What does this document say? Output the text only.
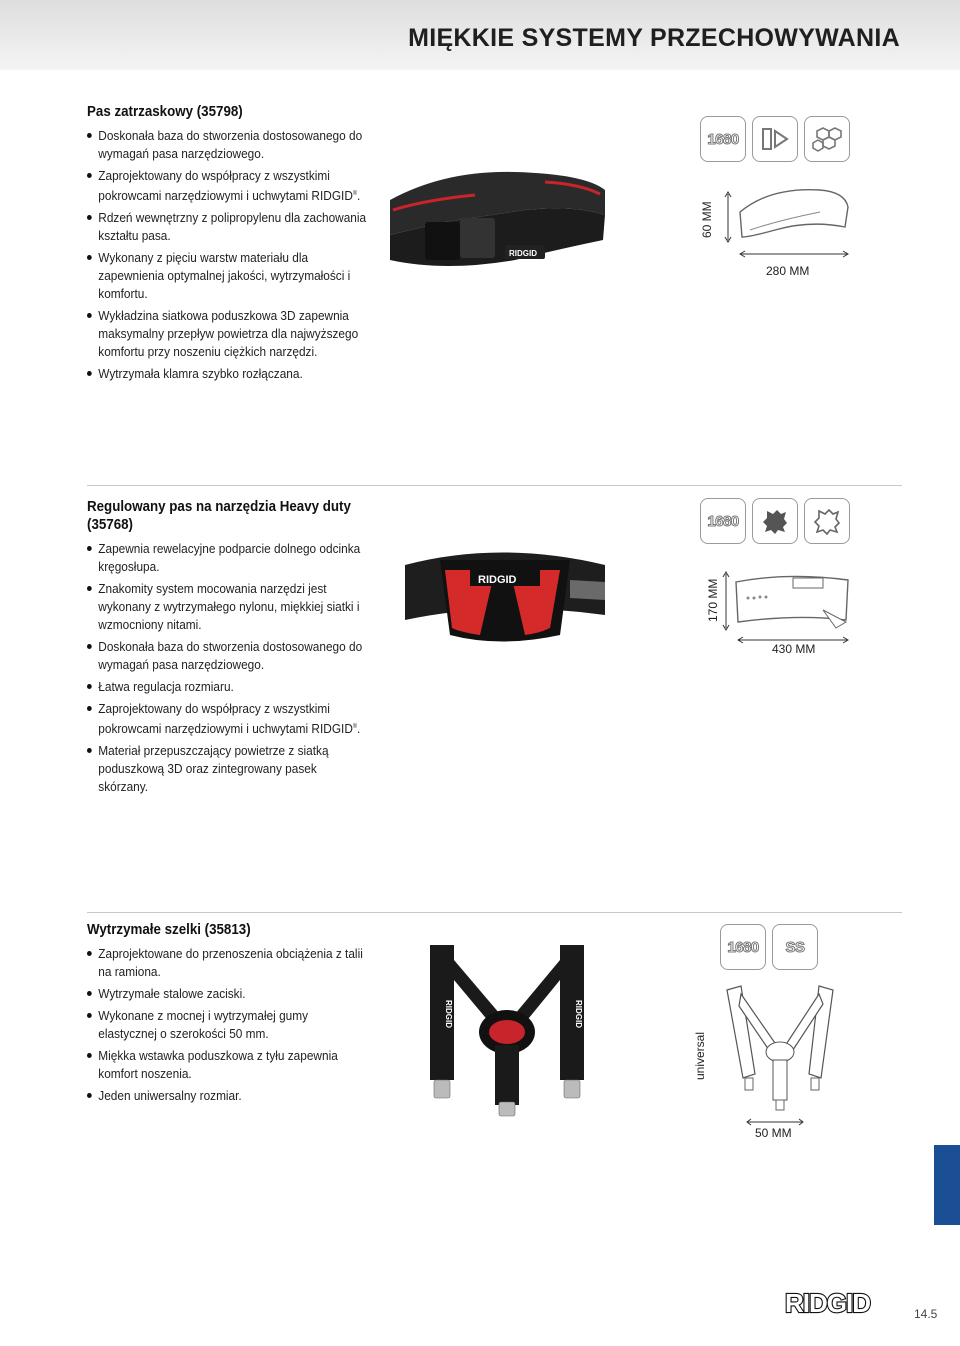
MIĘKKIE SYSTEMY PRZECHOWYWANIA
Pas zatrzaskowy (35798)
Doskonała baza do stworzenia dostosowanego do wymagań pasa narzędziowego.
Zaprojektowany do współpracy z wszystkimi pokrowcami narzędziowymi i uchwytami RIDGID®.
Rdzeń wewnętrzny z polipropylenu dla zachowania kształtu pasa.
Wykonany z pięciu warstw materiału dla zapewnienia optymalnej jakości, wytrzymałości i komfortu.
Wykładzina siatkowa poduszkowa 3D zapewnia maksymalny przepływ powietrza dla najwyższego komfortu przy noszeniu ciężkich narzędzi.
Wytrzymała klamra szybko rozłączana.
RIDGID
1680
60 MM
280 MM
Regulowany pas na narzędzia Heavy duty (35768)
Zapewnia rewelacyjne podparcie dolnego odcinka kręgosłupa.
Znakomity system mocowania narzędzi jest wykonany z wytrzymałego nylonu, miękkiej siatki i wzmocniony nitami.
Doskonała baza do stworzenia dostosowanego do wymagań pasa narzędziowego.
Łatwa regulacja rozmiaru.
Zaprojektowany do współpracy z wszystkimi pokrowcami narzędziowymi i uchwytami RIDGID®.
Materiał przepuszczający powietrze z siatką poduszkową 3D oraz zintegrowany pasek skórzany.
RIDGID
1680
170 MM
430 MM
Wytrzymałe szelki (35813)
Zaprojektowane do przenoszenia obciążenia z talii na ramiona.
Wytrzymałe stalowe zaciski.
Wykonane z mocnej i wytrzymałej gumy elastycznej o szerokości 50 mm.
Miękka wstawka poduszkowa z tyłu zapewnia komfort noszenia.
Jeden uniwersalny rozmiar.
RIDGID	RIDGID
1680	SS
universal
50 MM
RIDGID	14.5
